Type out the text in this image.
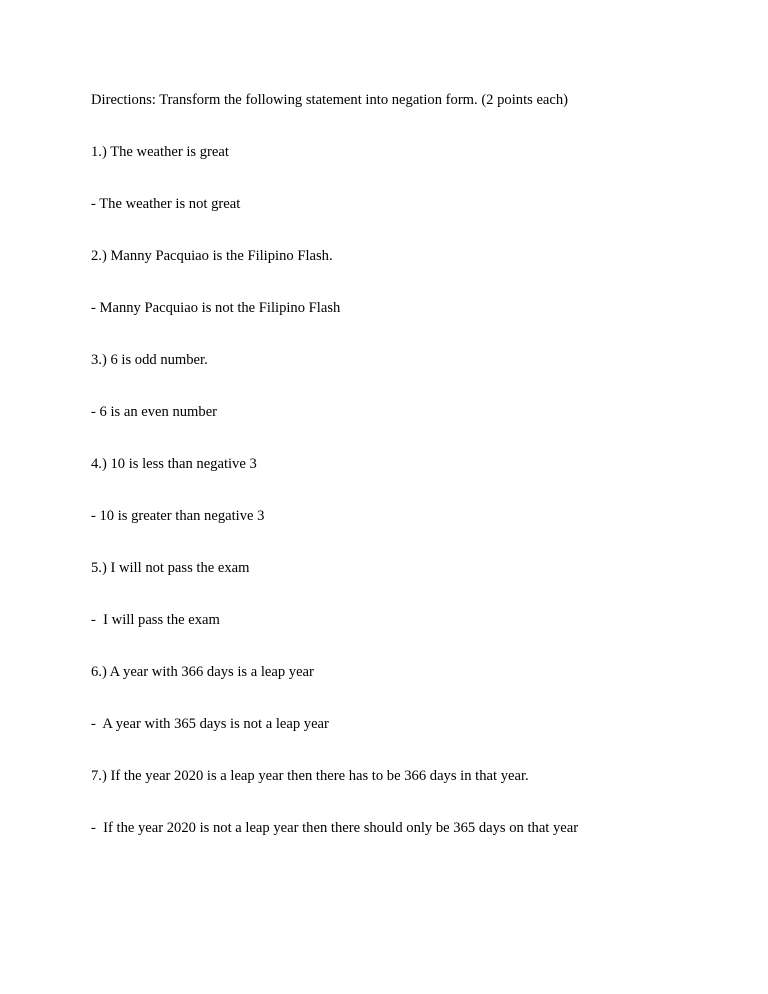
Directions: Transform the following statement into negation form. (2 points each)
1.) The weather is great
- The weather is not great
2.) Manny Pacquiao is the Filipino Flash.
- Manny Pacquiao is not the Filipino Flash
3.) 6 is odd number.
- 6 is an even number
4.) 10 is less than negative 3
- 10 is greater than negative 3
5.) I will not pass the exam
-  I will pass the exam
6.) A year with 366 days is a leap year
-  A year with 365 days is not a leap year
7.) If the year 2020 is a leap year then there has to be 366 days in that year.
-  If the year 2020 is not a leap year then there should only be 365 days on that year
